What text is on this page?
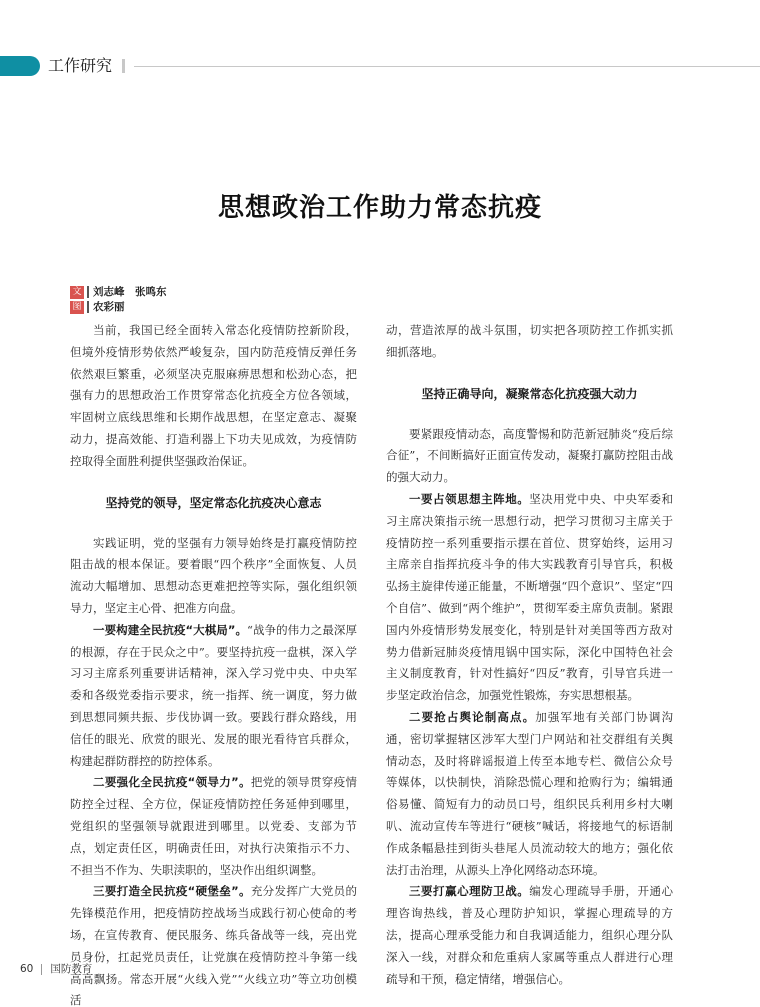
工作研究
思想政治工作助力常态抗疫
文 刘志峰　张鸣东
图 农彩丽

当前，我国已经全面转入常态化疫情防控新阶段，但境外疫情形势依然严峻复杂，国内防范疫情反弹任务依然艰巨繁重，必须坚决克服麻痹思想和松劲心态，把强有力的思想政治工作贯穿常态化抗疫全方位各领域，牢固树立底线思维和长期作战思想，在坚定意志、凝聚动力，提高效能、打造利器上下功夫见成效，为疫情防控取得全面胜利提供坚强政治保证。

坚持党的领导，坚定常态化抗疫决心意志

实践证明，党的坚强有力领导始终是打赢疫情防控阻击战的根本保证。要着眼“四个秩序”全面恢复、人员流动大幅增加、思想动态更难把控等实际，强化组织领导力，坚定主心骨、把准方向盘。

一要构建全民抗疫“大棋局”。“战争的伟力之最深厚的根源，存在于民众之中”。要坚持抗疫一盘棋，深入学习习主席系列重要讲话精神，深入学习党中央、中央军委和各级党委指示要求，统一指挥、统一调度，努力做到思想同频共振、步伐协调一致。要践行群众路线，用信任的眼光、欣赏的眼光、发展的眼光看待官兵群众，构建起群防群控的防控体系。

二要强化全民抗疫“领导力”。把党的领导贯穿疫情防控全过程、全方位，保证疫情防控任务延伸到哪里，党组织的坚强领导就跟进到哪里。以党委、支部为节点，划定责任区，明确责任田，对执行决策指示不力、不担当不作为、失职渎职的，坚决作出组织调整。

三要打造全民抗疫“硬堡垒”。充分发挥广大党员的先锋模范作用，把疫情防控战场当成践行初心使命的考场，在宣传教育、便民服务、练兵备战等一线，亮出党员身份，扛起党员责任，让党旗在疫情防控斗争第一线高高飘扬。常态开展“火线入党”“火线立功”等立功创模活

动，营造浓厚的战斗氛围，切实把各项防控工作抓实抓细抓落地。

坚持正确导向，凝聚常态化抗疫强大动力

要紧跟疫情动态，高度警惕和防范新冠肺炎“疫后综合征”，不间断搞好正面宣传发动，凝聚打赢防控阻击战的强大动力。

一要占领思想主阵地。坚决用党中央、中央军委和习主席决策指示统一思想行动，把学习贯彻习主席关于疫情防控一系列重要指示摆在首位、贯穿始终，运用习主席亲自指挥抗疫斗争的伟大实践教育引导官兵，积极弘扬主旋律传递正能量，不断增强“四个意识”、坚定“四个自信”、做到“两个维护”，贯彻军委主席负责制。紧跟国内外疫情形势发展变化，特别是针对美国等西方敌对势力借新冠肺炎疫情甩锅中国实际，深化中国特色社会主义制度教育，针对性搞好“四反”教育，引导官兵进一步坚定政治信念，加强党性锻炼，夯实思想根基。

二要抢占舆论制高点。加强军地有关部门协调沟通，密切掌握辖区涉军大型门户网站和社交群组有关舆情动态，及时将辟谣报道上传至本地专栏、微信公众号等媒体，以快制快，消除恐慌心理和抢购行为；编辑通俗易懂、简短有力的动员口号，组织民兵利用乡村大喇叭、流动宣传车等进行“硬核”喊话，将接地气的标语制作成条幅悬挂到街头巷尾人员流动较大的地方；强化依法打击治理，从源头上净化网络动态环境。

三要打赢心理防卫战。编发心理疏导手册，开通心理咨询热线，普及心理防护知识，掌握心理疏导的方法，提高心理承受能力和自我调适能力，组织心理分队深入一线，对群众和危重病人家属等重点人群进行心理疏导和干预，稳定情绪，增强信心。

60 国防教育
